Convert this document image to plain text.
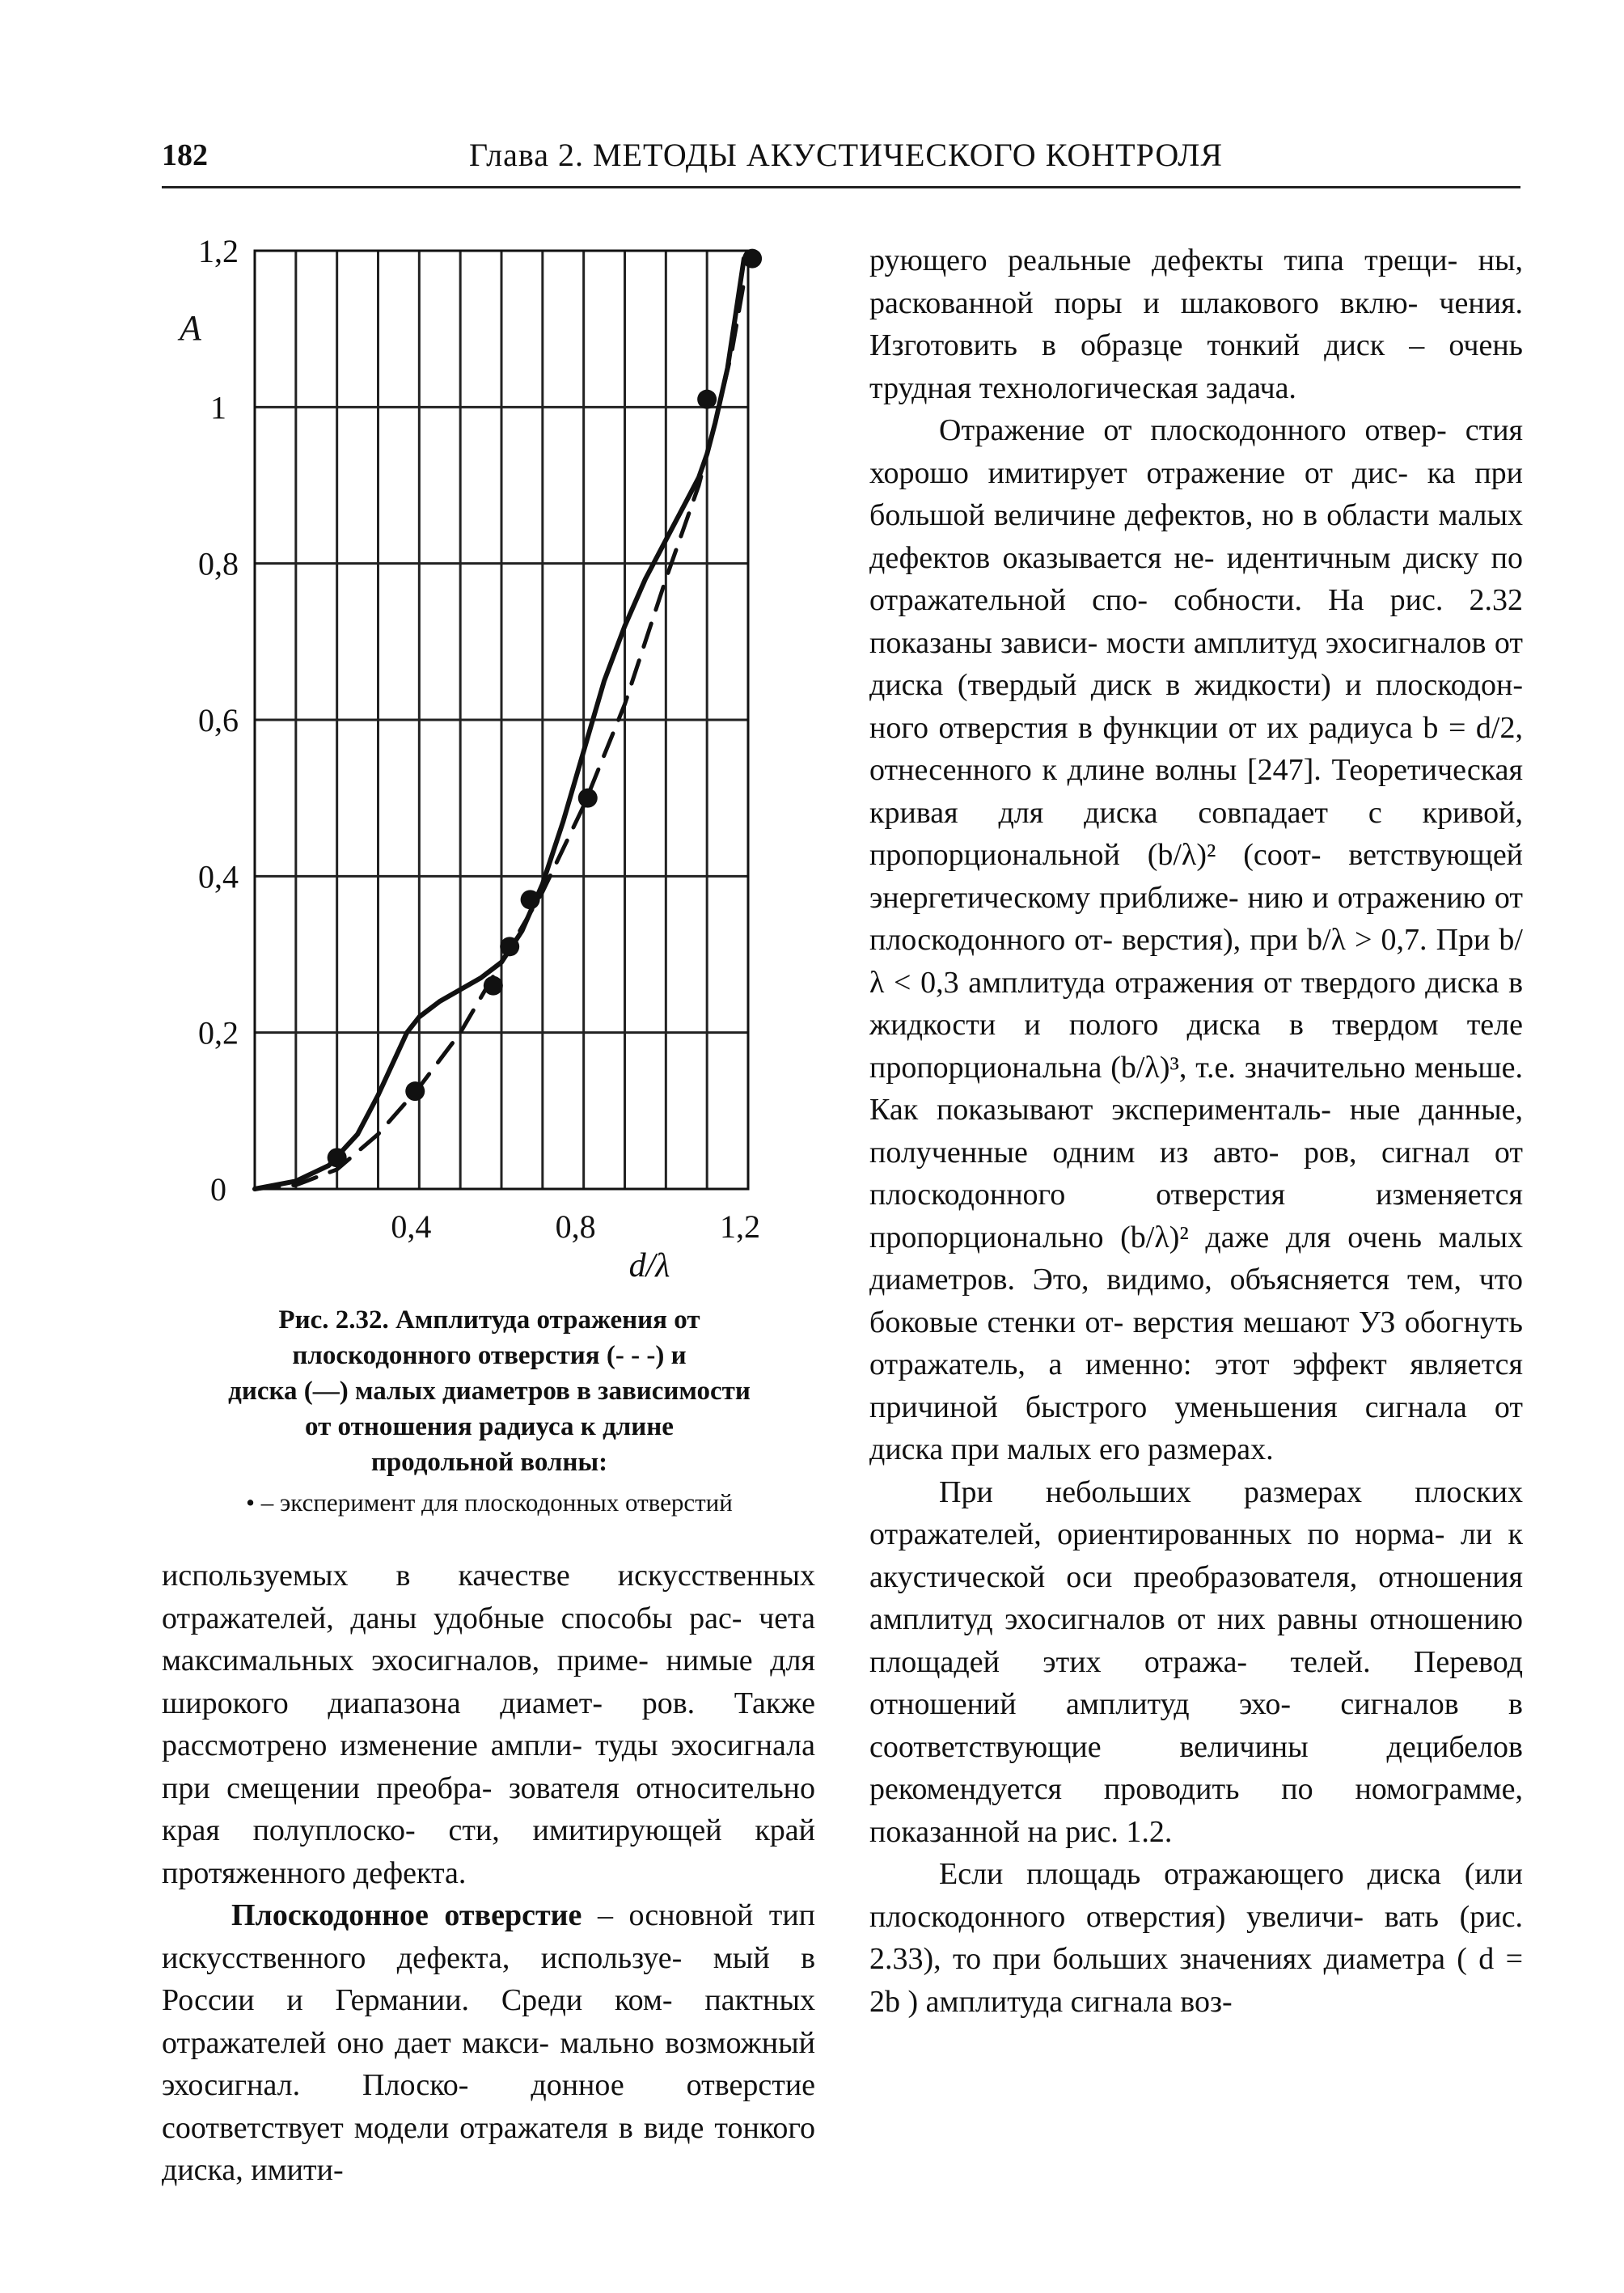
182	Глава 2. МЕТОДЫ АКУСТИЧЕСКОГО КОНТРОЛЯ
0
0,2
0,4
0,6
0,8
1
1,2
0,4	0,8	1,2
A
d/λ
Рис. 2.32. Амплитуда отражения от
плоскодонного отверстия (- - -) и
диска (—) малых диаметров в зависимости
от отношения радиуса к длине
продольной волны:
• – эксперимент для плоскодонных отверстий

используемых в качестве искусственных отражателей, даны удобные способы рас- чета максимальных эхосигналов, приме- нимые для широкого диапазона диамет- ров. Также рассмотрено изменение ампли- туды эхосигнала при смещении преобра- зователя относительно края полуплоско- сти, имитирующей край протяженного дефекта.

Плоскодонное отверстие – основной тип искусственного дефекта, используе- мый в России и Германии. Среди ком- пактных отражателей оно дает макси- мально возможный эхосигнал. Плоско- донное отверстие соответствует модели отражателя в виде тонкого диска, имити-

рующего реальные дефекты типа трещи- ны, раскованной поры и шлакового вклю- чения. Изготовить в образце тонкий диск – очень трудная технологическая задача.

Отражение от плоскодонного отвер- стия хорошо имитирует отражение от дис- ка при большой величине дефектов, но в области малых дефектов оказывается не- идентичным диску по отражательной спо- собности. На рис. 2.32 показаны зависи- мости амплитуд эхосигналов от диска (твердый диск в жидкости) и плоскодон- ного отверстия в функции от их радиуса b = d/2, отнесенного к длине волны [247]. Теоретическая кривая для диска совпадает с кривой, пропорциональной (b/λ)² (соот- ветствующей энергетическому приближе- нию и отражению от плоскодонного от- верстия), при b/λ > 0,7. При b/λ < 0,3 амплитуда отражения от твердого диска в жидкости и полого диска в твердом теле пропорциональна (b/λ)³, т.е. значительно меньше. Как показывают эксперименталь- ные данные, полученные одним из авто- ров, сигнал от плоскодонного отверстия	изменяется пропорционально (b/λ)² даже для очень малых диаметров. Это, видимо, объясняется тем, что боковые стенки от- верстия мешают УЗ обогнуть отражатель, а именно: этот эффект является причиной быстрого уменьшения сигнала от диска при малых его размерах.

При небольших размерах плоских отражателей, ориентированных по норма- ли к акустической оси преобразователя, отношения амплитуд эхосигналов от них равны отношению площадей этих отража- телей. Перевод отношений амплитуд эхо- сигналов в соответствующие величины	децибелов рекомендуется проводить по номограмме, показанной на рис. 1.2.

Если площадь отражающего диска (или плоскодонного отверстия) увеличи- вать (рис. 2.33), то при больших значениях диаметра ( d = 2b ) амплитуда сигнала воз-
